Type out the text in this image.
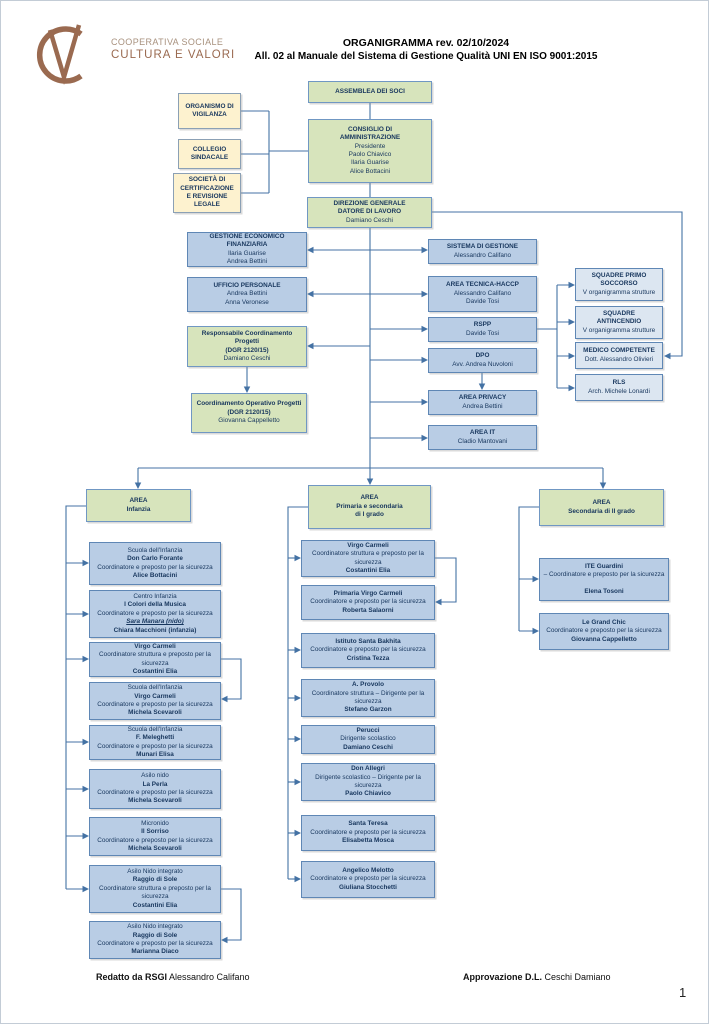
COOPERATIVA SOCIALE
CULTURA E VALORI
ORGANIGRAMMA rev. 02/10/2024
All. 02 al Manuale del Sistema di Gestione Qualità UNI EN ISO 9001:2015
ASSEMBLEA DEI SOCI
ORGANISMO DI
VIGILANZA
CONSIGLIO DI
AMMINISTRAZIONE
Presidente
Paolo Chiavico
Ilaria Guarise
Alice Bottacini
COLLEGIO
SINDACALE
SOCIETÀ DI
CERTIFICAZIONE
E REVISIONE LEGALE	DIREZIONE GENERALE
DATORE DI LAVORO
Damiano Ceschi
GESTIONE ECONOMICO FINANZIARIA
Ilaria Guarise
Andrea Bettini
UFFICIO PERSONALE
Andrea Bettini
Anna Veronese
SISTEMA DI GESTIONE
Alessandro Califano
AREA TECNICA-HACCP
Alessandro Califano
Davide Tosi
RSPP
Davide Tosi
DPO
Avv. Andrea Nuvoloni
AREA PRIVACY
Andrea Bettini
AREA IT
Cladio Mantovani
SQUADRE PRIMO
SOCCORSO
V organigramma strutture
SQUADRE
ANTINCENDIO
V organigramma strutture
MEDICO COMPETENTE
Dott. Alessandro Olivieri
RLS
Arch. Michele Lonardi
Responsabile Coordinamento Progetti
(DGR 2120/15)
Damiano Ceschi
Coordinamento Operativo Progetti
(DGR 2120/15)
Giovanna Cappelletto
AREA
Infanzia
AREA
Primaria e secondaria
di I grado
AREA
Secondaria di II grado
Scuola dell'Infanzia
Don Carlo Forante
Coordinatore e preposto per la sicurezza
Alice Bottacini
Centro Infanzia
I Colori della Musica
Coordinatore e preposto per la sicurezza
Sara Manara (nido)
Chiara Macchioni (infanzia)
Virgo Carmeli
Coordinatore struttura e preposto per la sicurezza
Costantini Elia
Scuola dell'Infanzia
Virgo Carmeli
Coordinatore e preposto per la sicurezza
Michela Scevaroli
Scuola dell'Infanzia
F. Meleghetti
Coordinatore e preposto per la sicurezza
Munari Elisa
Asilo nido
La Perla
Coordinatore e preposto per la sicurezza
Michela Scevaroli
Micronido
Il Sorriso
Coordinatore e preposto per la sicurezza
Michela Scevaroli
Asilo Nido integrato
Raggio di Sole
Coordinatore struttura e preposto per la sicurezza
Costantini Elia
Asilo Nido integrato
Raggio di Sole
Coordinatore e preposto per la sicurezza
Marianna Diaco
Virgo Carmeli
Coordinatore struttura e preposto per la sicurezza
Costantini Elia
Primaria Virgo Carmeli
Coordinatore e preposto per la sicurezza
Roberta Salaorni
Istituto Santa Bakhita
Coordinatore e preposto per la sicurezza
Cristina Tezza
A. Provolo
Coordinatore struttura – Dirigente per la sicurezza
Stefano Garzon
Perucci
Dirigente scolastico
Damiano Ceschi
Don Allegri
Dirigente scolastico – Dirigente per la sicurezza
Paolo Chiavico
Santa Teresa
Coordinatore e preposto per la sicurezza
Elisabetta Mosca
Angelico Melotto
Coordinatore e preposto per la sicurezza
Giuliana Stocchetti
ITE Guardini
– Coordinatore e preposto per la sicurezza

Elena Tosoni
Le Grand Chic
Coordinatore e preposto per la sicurezza
Giovanna Cappelletto
Redatto da RSGI Alessandro Califano	Approvazione D.L. Ceschi Damiano
1
